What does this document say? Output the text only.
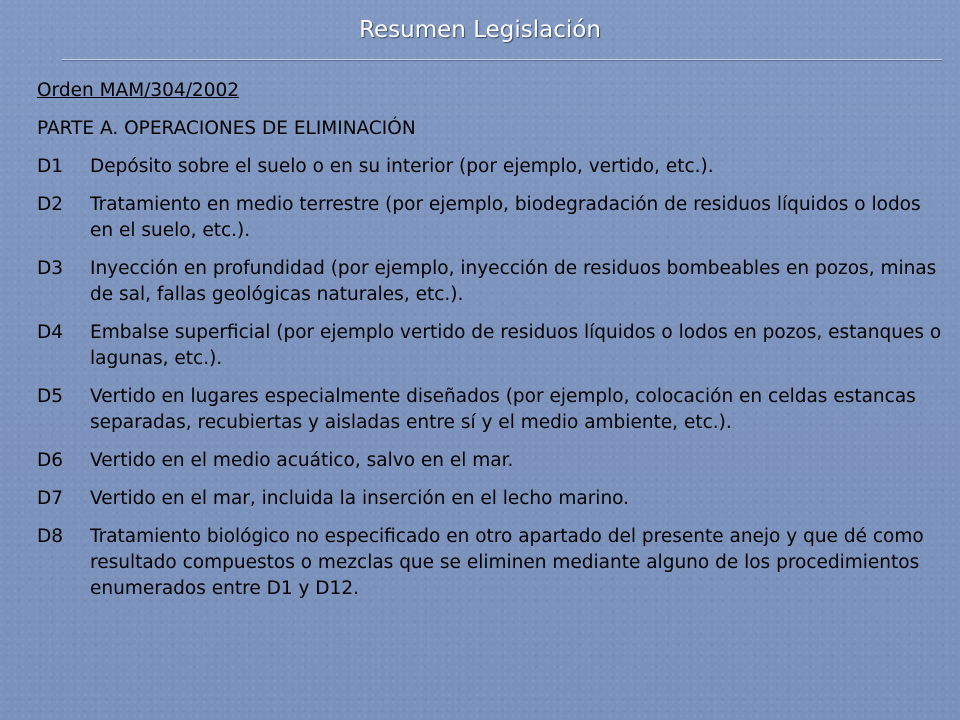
Resumen Legislación
Orden MAM/304/2002
PARTE A. OPERACIONES DE ELIMINACIÓN
D1	Depósito sobre el suelo o en su interior (por ejemplo, vertido, etc.).
D2	Tratamiento en medio terrestre (por ejemplo, biodegradación de residuos líquidos o lodos en el suelo, etc.).
D3	Inyección en profundidad (por ejemplo, inyección de residuos bombeables en pozos, minas de sal, fallas geológicas naturales, etc.).
D4	Embalse superficial (por ejemplo vertido de residuos líquidos o lodos en pozos, estanques o lagunas, etc.).
D5	Vertido en lugares especialmente diseñados (por ejemplo, colocación en celdas estancas separadas, recubiertas y aisladas entre sí y el medio ambiente, etc.).
D6	Vertido en el medio acuático, salvo en el mar.
D7	Vertido en el mar, incluida la inserción en el lecho marino.
D8	Tratamiento biológico no especificado en otro apartado del presente anejo y que dé como resultado compuestos o mezclas que se eliminen mediante alguno de los procedimientos enumerados entre D1 y D12.
